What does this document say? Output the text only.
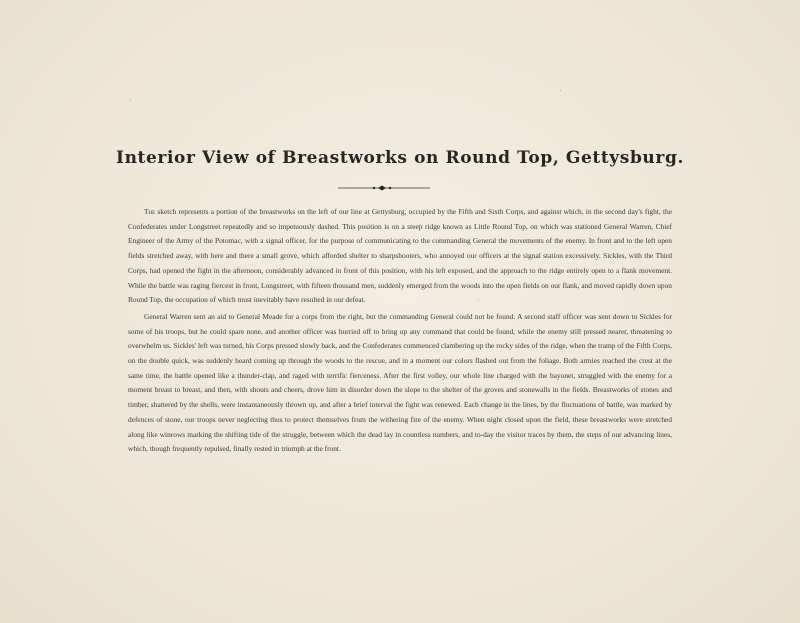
Interior View of Breastworks on Round Top, Gettysburg.

The sketch represents a portion of the breastworks on the left of our line at Gettysburg, occupied by the Fifth and Sixth Corps, and against which, in the second day's fight, the Confederates under Longstreet repeatedly and so impetuously dashed. This position is on a steep ridge known as Little Round Top, on which was stationed General Warren, Chief Engineer of the Army of the Potomac, with a signal officer, for the purpose of communicating to the commanding General the movements of the enemy. In front and to the left open fields stretched away, with here and there a small grove, which afforded shelter to sharpshooters, who annoyed our officers at the signal station excessively. Sickles, with the Third Corps, had opened the fight in the afternoon, considerably advanced in front of this position, with his left exposed, and the approach to the ridge entirely open to a flank movement. While the battle was raging fiercest in front, Longstreet, with fifteen thousand men, suddenly emerged from the woods into the open fields on our flank, and moved rapidly down upon Round Top, the occupation of which must inevitably have resulted in our defeat.

General Warren sent an aid to General Meade for a corps from the right, but the commanding General could not be found. A second staff officer was sent down to Sickles for some of his troops, but he could spare none, and another officer was hurried off to bring up any command that could be found, while the enemy still pressed nearer, threatening to overwhelm us. Sickles' left was turned, his Corps pressed slowly back, and the Confederates commenced clambering up the rocky sides of the ridge, when the tramp of the Fifth Corps, on the double quick, was suddenly heard coming up through the woods to the rescue, and in a moment our colors flashed out from the foliage. Both armies reached the crest at the same time, the battle opened like a thunder-clap, and raged with terrific fierceness. After the first volley, our whole line charged with the bayonet, struggled with the enemy for a moment breast to breast, and then, with shouts and cheers, drove him in disorder down the slope to the shelter of the groves and stonewalls in the fields. Breastworks of stones and timber, shattered by the shells, were instantaneously thrown up, and after a brief interval the fight was renewed. Each change in the lines, by the fluctuations of battle, was marked by defences of stone, our troops never neglecting thus to protect themselves from the withering fire of the enemy. When night closed upon the field, these breastworks were stretched along like winrows marking the shifting tide of the struggle, between which the dead lay in countless numbers, and to-day the visitor traces by them, the steps of our advancing lines, which, though frequently repulsed, finally rested in triumph at the front.
